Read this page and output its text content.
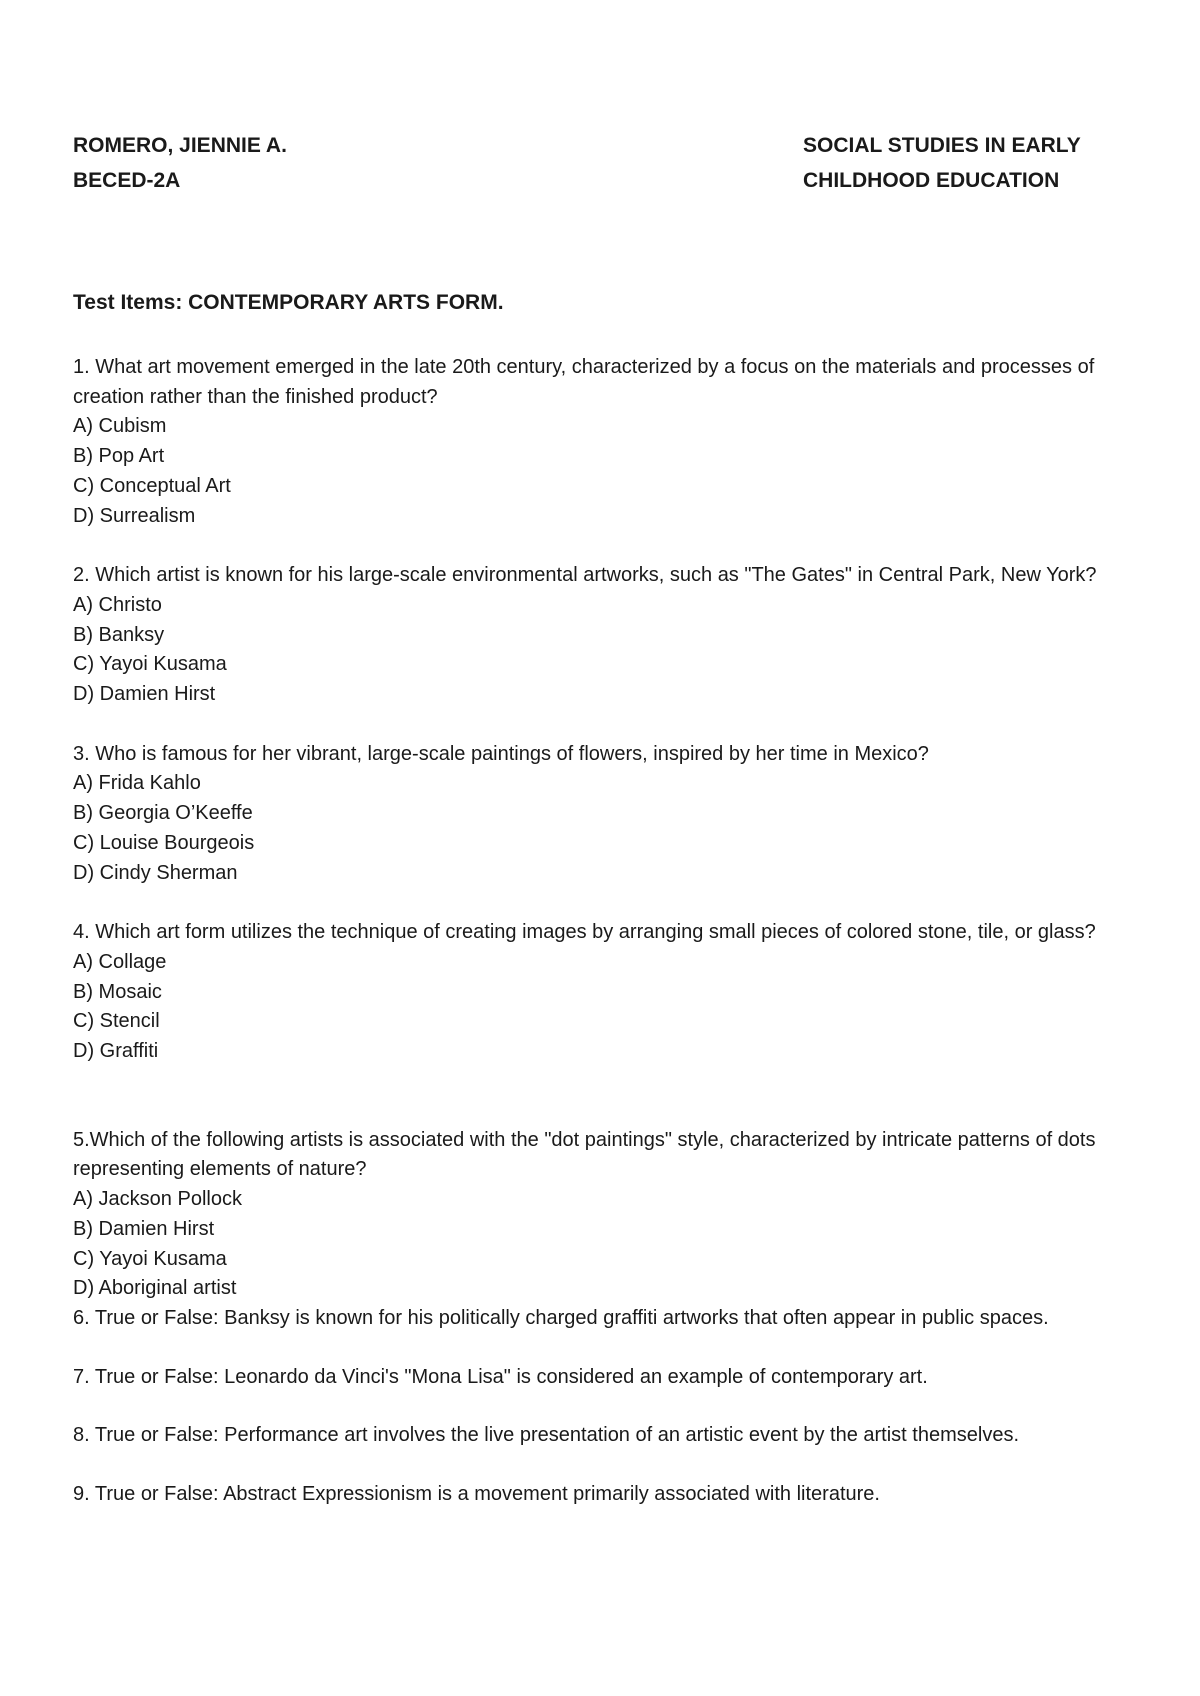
ROMERO, JIENNIE A.
BECED-2A
SOCIAL STUDIES IN EARLY
CHILDHOOD EDUCATION
Test Items: CONTEMPORARY ARTS FORM.

1. What art movement emerged in the late 20th century, characterized by a focus on the materials and processes of creation rather than the finished product?

A) Cubism
B) Pop Art
C) Conceptual Art
D) Surrealism

2. Which artist is known for his large-scale environmental artworks, such as "The Gates" in Central Park, New York?

A) Christo
B) Banksy
C) Yayoi Kusama
D) Damien Hirst

3. Who is famous for her vibrant, large-scale paintings of flowers, inspired by her time in Mexico?

A) Frida Kahlo
B) Georgia O’Keeffe
C) Louise Bourgeois
D) Cindy Sherman

4. Which art form utilizes the technique of creating images by arranging small pieces of colored stone, tile, or glass?

A) Collage
B) Mosaic
C) Stencil
D) Graffiti

5.Which of the following artists is associated with the "dot paintings" style, characterized by intricate patterns of dots representing elements of nature?

A) Jackson Pollock
B) Damien Hirst
C) Yayoi Kusama
D) Aboriginal artist

6. True or False: Banksy is known for his politically charged graffiti artworks that often appear in public spaces.

7. True or False: Leonardo da Vinci's "Mona Lisa" is considered an example of contemporary art.

8. True or False: Performance art involves the live presentation of an artistic event by the artist themselves.

9. True or False: Abstract Expressionism is a movement primarily associated with literature.
